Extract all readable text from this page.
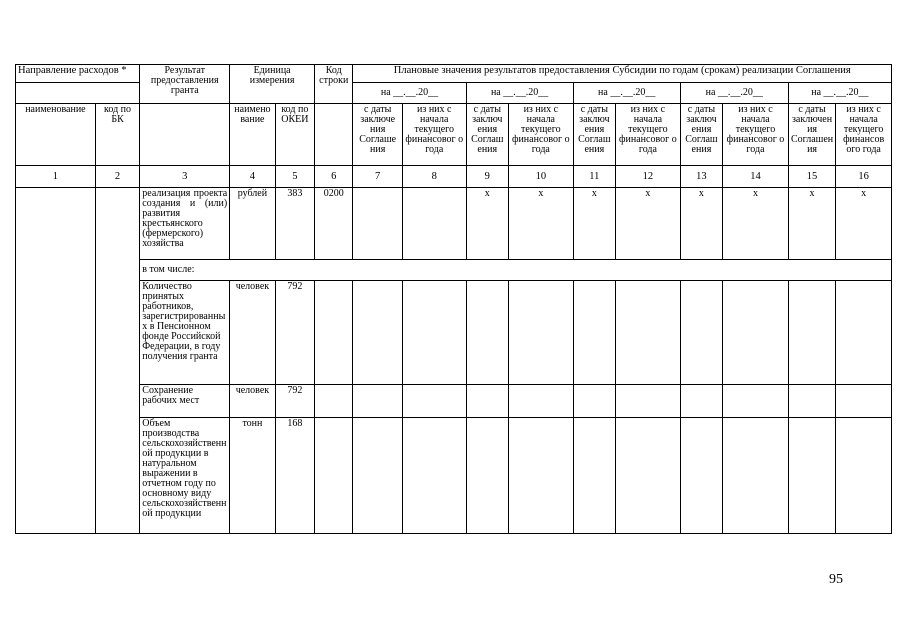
Направление расходов *		Результат предоставления гранта	Единица измерения		Код строки	Плановые значения результатов предоставления Субсидии по годам (срокам) реализации Соглашения									
						на __.__.20__		на __.__.20__		на __.__.20__		на __.__.20__		на __.__.20__	
наименование	код по БК		наимено вание	код по ОКЕИ		с даты заключе ния Соглаше ния	из них с начала текущего финансовог о года	с даты заключ ения Соглаш ения	из них с начала текущего финансовог о года	с даты заключ ения Соглаш ения	из них с начала текущего финансовог о года	с даты заключ ения Соглаш ения	из них с начала текущего финансовог о года	с даты заключен ия Соглашен ия	из них с начала текущего финансов ого года
1	2	3	4	5	6	7	8	9	10	11	12	13	14	15	16
		реализация проекта создания и (или) развития крестьянского (фермерского) хозяйства	рублей	383	0200			x	x	x	x	x	x	x	x
		в том числе:													
		Количество принятых работников, зарегистрированных в Пенсионном фонде Российской Федерации, в году получения гранта	человек	792											
		Сохранение рабочих мест	человек	792											
		Объем производства сельскохозяйственной продукции в натуральном выражении в отчетном году по основному виду сельскохозяйственной продукции	тонн	168											
95
